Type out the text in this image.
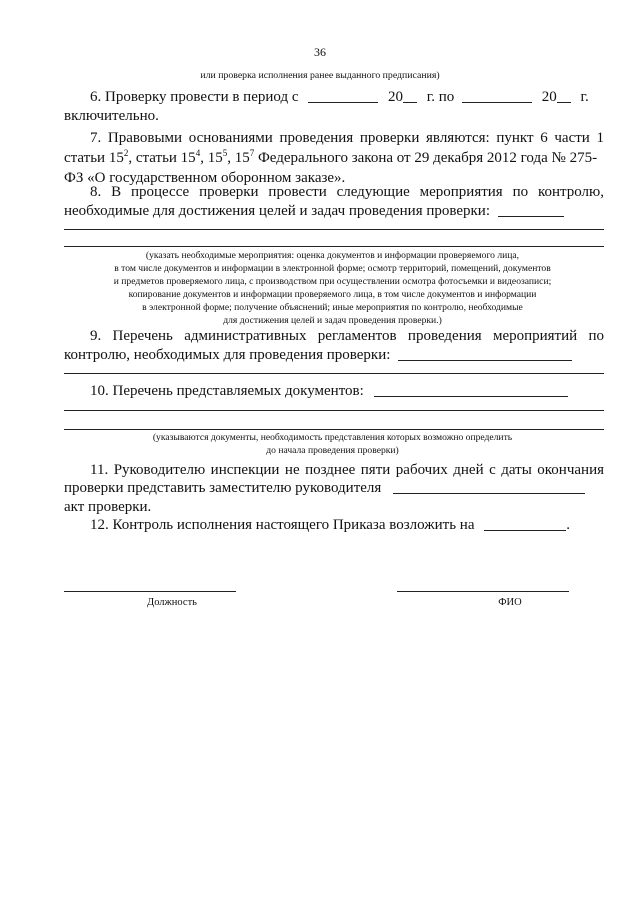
36
или проверка исполнения ранее выданного предписания)
6. Проверку провести в период с	20 г. по	20 г.
включительно.
7. Правовыми основаниями проведения проверки являются: пункт 6 части 1
статьи $15^2$, статьи $15^4$, $15^5$, $15^7$ Федерального закона от 29 декабря 2012 года № 275-
ФЗ «О государственном оборонном заказе».
8. В процессе проверки провести следующие мероприятия по контролю,
необходимые для достижения целей и задач проведения проверки:
(указать необходимые мероприятия: оценка документов и информации проверяемого лица,
в том числе документов и информации в электронной форме; осмотр территорий, помещений, документов
и предметов проверяемого лица, с производством при осуществлении осмотра фотосъемки и видеозаписи;
копирование документов и информации проверяемого лица, в том числе документов и информации
в электронной форме; получение объяснений; иные мероприятия по контролю, необходимые
для достижения целей и задач проведения проверки.)
9. Перечень административных регламентов проведения мероприятий по
контролю, необходимых для проведения проверки:
10. Перечень представляемых документов:
(указываются документы, необходимость представления которых возможно определить
до начала проведения проверки)
11. Руководителю инспекции не позднее пяти рабочих дней с даты окончания
проверки представить заместителю руководителя
акт проверки.
12. Контроль исполнения настоящего Приказа возложить на	.
Должность	ФИО
